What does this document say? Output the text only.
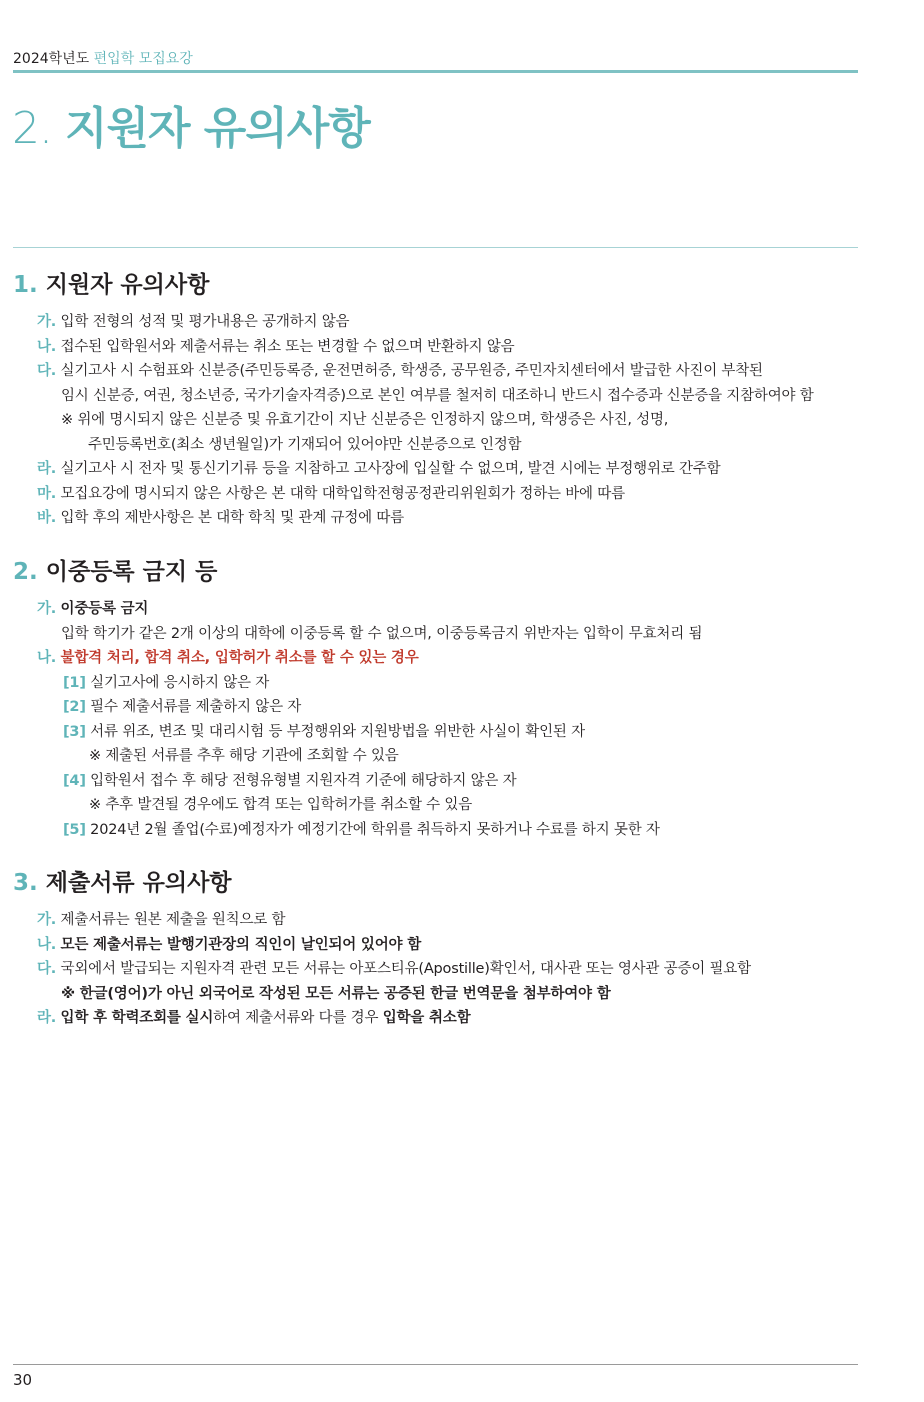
2024학년도 편입학 모집요강
2. 지원자 유의사항
1. 지원자 유의사항
가. 입학 전형의 성적 및 평가내용은 공개하지 않음
나. 접수된 입학원서와 제출서류는 취소 또는 변경할 수 없으며 반환하지 않음
다. 실기고사 시 수험표와 신분증(주민등록증, 운전면허증, 학생증, 공무원증, 주민자치센터에서 발급한 사진이 부착된
임시 신분증, 여권, 청소년증, 국가기술자격증)으로 본인 여부를 철저히 대조하니 반드시 접수증과 신분증을 지참하여야 함
※ 위에 명시되지 않은 신분증 및 유효기간이 지난 신분증은 인정하지 않으며, 학생증은 사진, 성명,
주민등록번호(최소 생년월일)가 기재되어 있어야만 신분증으로 인정함
라. 실기고사 시 전자 및 통신기기류 등을 지참하고 고사장에 입실할 수 없으며, 발견 시에는 부정행위로 간주함
마. 모집요강에 명시되지 않은 사항은 본 대학 대학입학전형공정관리위원회가 정하는 바에 따름
바. 입학 후의 제반사항은 본 대학 학칙 및 관계 규정에 따름
2. 이중등록 금지 등
가. 이중등록 금지
입학 학기가 같은 2개 이상의 대학에 이중등록 할 수 없으며, 이중등록금지 위반자는 입학이 무효처리 됨
나. 불합격 처리, 합격 취소, 입학허가 취소를 할 수 있는 경우
[1] 실기고사에 응시하지 않은 자
[2] 필수 제출서류를 제출하지 않은 자
[3] 서류 위조, 변조 및 대리시험 등 부정행위와 지원방법을 위반한 사실이 확인된 자
※ 제출된 서류를 추후 해당 기관에 조회할 수 있음
[4] 입학원서 접수 후 해당 전형유형별 지원자격 기준에 해당하지 않은 자
※ 추후 발견될 경우에도 합격 또는 입학허가를 취소할 수 있음
[5] 2024년 2월 졸업(수료)예정자가 예정기간에 학위를 취득하지 못하거나 수료를 하지 못한 자
3. 제출서류 유의사항
가. 제출서류는 원본 제출을 원칙으로 함
나. 모든 제출서류는 발행기관장의 직인이 날인되어 있어야 함
다. 국외에서 발급되는 지원자격 관련 모든 서류는 아포스티유(Apostille)확인서, 대사관 또는 영사관 공증이 필요함
※ 한글(영어)가 아닌 외국어로 작성된 모든 서류는 공증된 한글 번역문을 첨부하여야 함
라. 입학 후 학력조회를 실시하여 제출서류와 다를 경우 입학을 취소함
30
